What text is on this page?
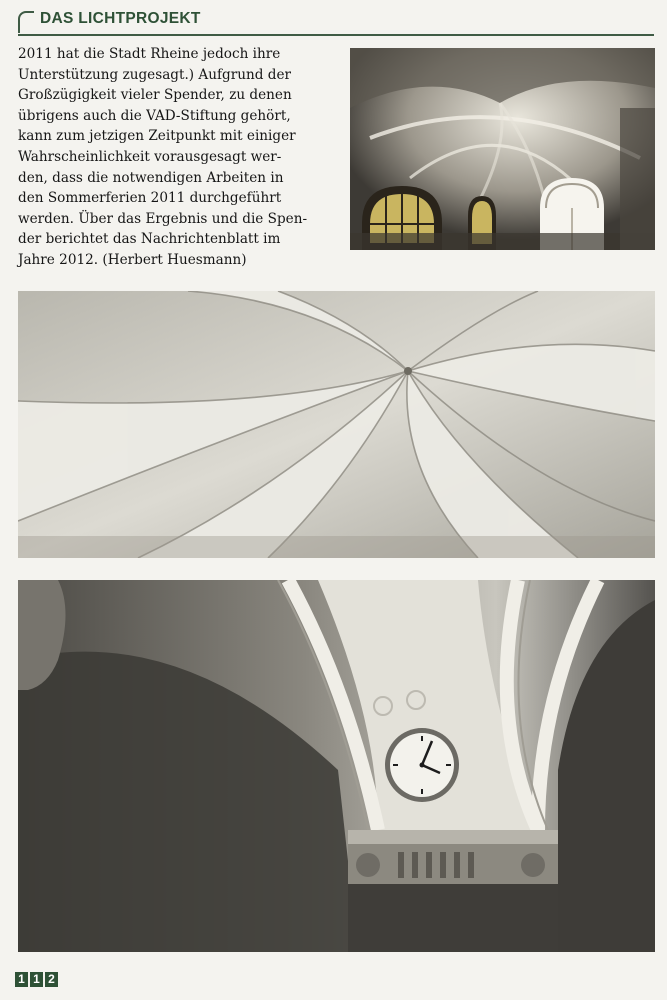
DAS LICHTPROJEKT
2011 hat die Stadt Rheine jedoch ihre
Unterstützung zugesagt.) Aufgrund der
Großzügigkeit vieler Spender, zu denen
übrigens auch die VAD-Stiftung gehört,
kann zum jetzigen Zeitpunkt mit einiger
Wahrscheinlichkeit vorausgesagt wer-
den, dass die notwendigen Arbeiten in
den Sommerferien 2011 durchgeführt
werden. Über das Ergebnis und die Spen-
der berichtet das Nachrichtenblatt im
Jahre 2012. (Herbert Huesmann)
1 1 2
